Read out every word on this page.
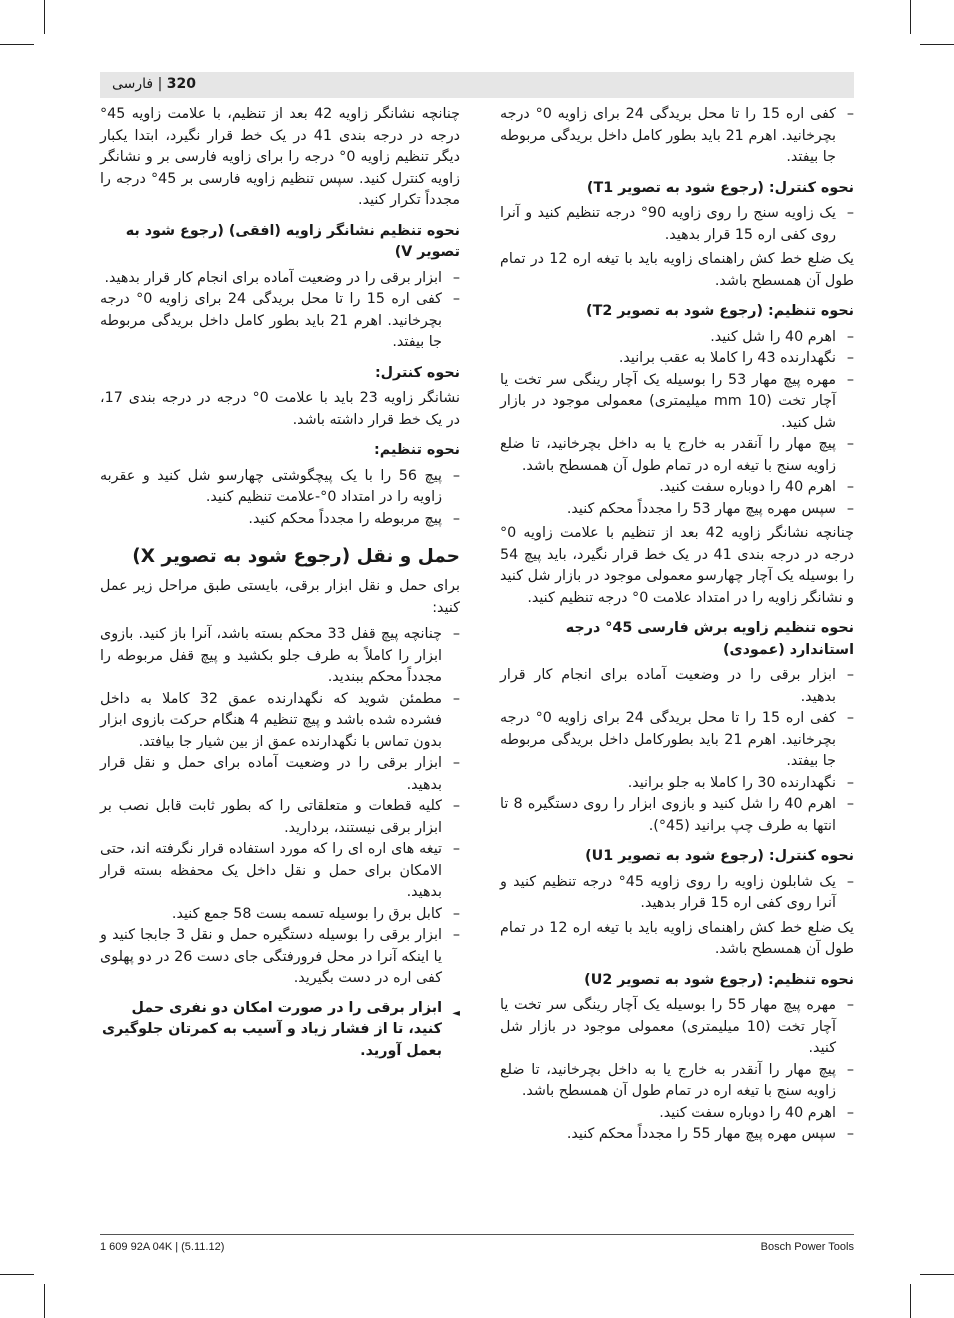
320 | فارسی
– کفی اره 15 را تا محل بریدگی 24 برای زاویه 0° درجه بچرخانید. اهرم 21 باید بطور کامل داخل بریدگی مربوطه جا بیفتد.
نحوه کنترل: (رجوع شود به تصویر T1)
– یک زاویه سنج را روی زاویه 90° درجه تنظیم کنید و آنرا روی کفی اره 15 قرار بدهید.

یک ضلع خط کش راهنمای زاویه باید با تیغه اره 12 در تمام طول آن همسطح باشد.

نحوه تنظیم: (رجوع شود به تصویر T2)
– اهرم 40 را شل کنید.
– نگهدارنده 43 را کاملا به عقب برانید.
– مهره پیچ مهار 53 را بوسیله یک آچار رینگی سر تخت یا آچار تخت (10 mm میلیمتری) معمولی موجود در بازار شل کنید.
– پیچ مهار را آنقدر به خارج یا به داخل بچرخانید، تا ضلع زاویه سنج با تیغه اره در تمام طول آن همسطح باشد.
– اهرم 40 را دوباره سفت کنید.
– سپس مهره پیچ مهار 53 را مجدداً محکم کنید.

چنانچه نشانگر زاویه 42 بعد از تنظیم با علامت زاویه 0° درجه در درجه بندی 41 در یک خط قرار نگیرد، باید پیچ 54 را بوسیله یک آچار چهارسو معمولی موجود در بازار شل کنید و نشانگر زاویه را در امتداد علامت 0° درجه تنظیم کنید.

نحوه تنظیم زاویه برش فارسی 45° درجه استاندارد (عمودی)
– ابزار برقی را در وضعیت آماده برای انجام کار قرار بدهید.
– کفی اره 15 را تا محل بریدگی 24 برای زاویه 0° درجه بچرخانید. اهرم 21 باید بطورکامل داخل بریدگی مربوطه جا بیفتد.
– نگهدارنده 30 را کاملا به جلو برانید.
– اهرم 40 را شل کنید و بازوی ابزار را روی دستگیره 8 تا انتها به طرف چپ برانید (45°).
نحوه کنترل: (رجوع شود به تصویر U1)
– یک شابلون زاویه را روی زاویه 45° درجه تنظیم کنید و آنرا روی کفی اره 15 قرار بدهید.

یک ضلع خط کش راهنمای زاویه باید با تیغه اره 12 در تمام طول آن همسطح باشد.

نحوه تنظیم: (رجوع شود به تصویر U2)
– مهره پیچ مهار 55 را بوسیله یک آچار رینگی سر تخت یا آچار تخت (10 میلیمتری) معمولی موجود در بازار شل کنید.
– پیچ مهار را آنقدر به خارج یا به داخل بچرخانید، تا ضلع زاویه سنج با تیغه اره در تمام طول آن همسطح باشد.
– اهرم 40 را دوباره سفت کنید.
– سپس مهره پیچ مهار 55 را مجدداً محکم کنید.

چنانچه نشانگر زاویه 42 بعد از تنظیم، با علامت زاویه 45° درجه در درجه بندی 41 در یک خط قرار نگیرد، ابتدا یکبار دیگر تنظیم زاویه 0° درجه را برای زاویه فارسی بر و نشانگر زاویه کنترل کنید. سپس تنظیم زاویه فارسی بر 45° درجه را مجدداً تکرار کنید.

نحوه تنظیم نشانگر زاویه (افقی) (رجوع شود به تصویر V)
– ابزار برقی را در وضعیت آماده برای انجام کار قرار بدهید.
– کفی اره 15 را تا محل بریدگی 24 برای زاویه 0° درجه بچرخانید. اهرم 21 باید بطور کامل داخل بریدگی مربوطه جا بیفتد.
نحوه کنترل:

نشانگر زاویه 23 باید با علامت 0° درجه در درجه بندی 17، در یک خط قرار داشته باشد.

نحوه تنظیم:
– پیچ 56 را با یک پیچگوشتی چهارسو شل کنید و عقربه زاویه را در امتداد 0°-علامت تنظیم کنید.
– پیچ مربوطه را مجدداً محکم کنید.
حمل و نقل (رجوع شود به تصویر X)

برای حمل و نقل ابزار برقی، بایستی طبق مراحل زیر عمل کنید:

– چنانچه پیچ قفل 33 محکم بسته باشد، آنرا باز کنید. بازوی ابزار را کاملاً به طرف جلو بکشید و پیچ قفل مربوطه را مجدداً محکم ببندید.
– مطمئن شوید که نگهدارنده عمق 32 کاملا به داخل فشرده شده باشد و پیچ تنظیم 4 هنگام حرکت بازوی ابزار بدون تماس با نگهدارنده عمق از بین شیار جا بیافتد.
– ابزار برقی را در وضعیت آماده برای حمل و نقل قرار بدهید.
– کلیه قطعات و متعلقاتی را که بطور ثابت قابل نصب بر ابزار برقی نیستند، بردارید.
– تیغه های اره ای را که مورد استفاده قرار نگرفته اند، حتی الامکان برای حمل و نقل داخل یک محفظه بسته قرار بدهید.
– کابل برق را بوسیله تسمه بست 58 جمع کنید.
– ابزار برقی را بوسیله دستگیره حمل و نقل 3 جابجا کنید و یا اینکه آنرا در محل فرورفتگی جای دست 26 در دو پهلوی کفی اره در دست بگیرید.
◄
ابزار برقی را در صورت امکان دو نفری حمل کنید، تا از فشار زیاد و آسیب به کمرتان جلوگیری بعمل آورید.
1 609 92A 04K | (5.11.12)	Bosch Power Tools
